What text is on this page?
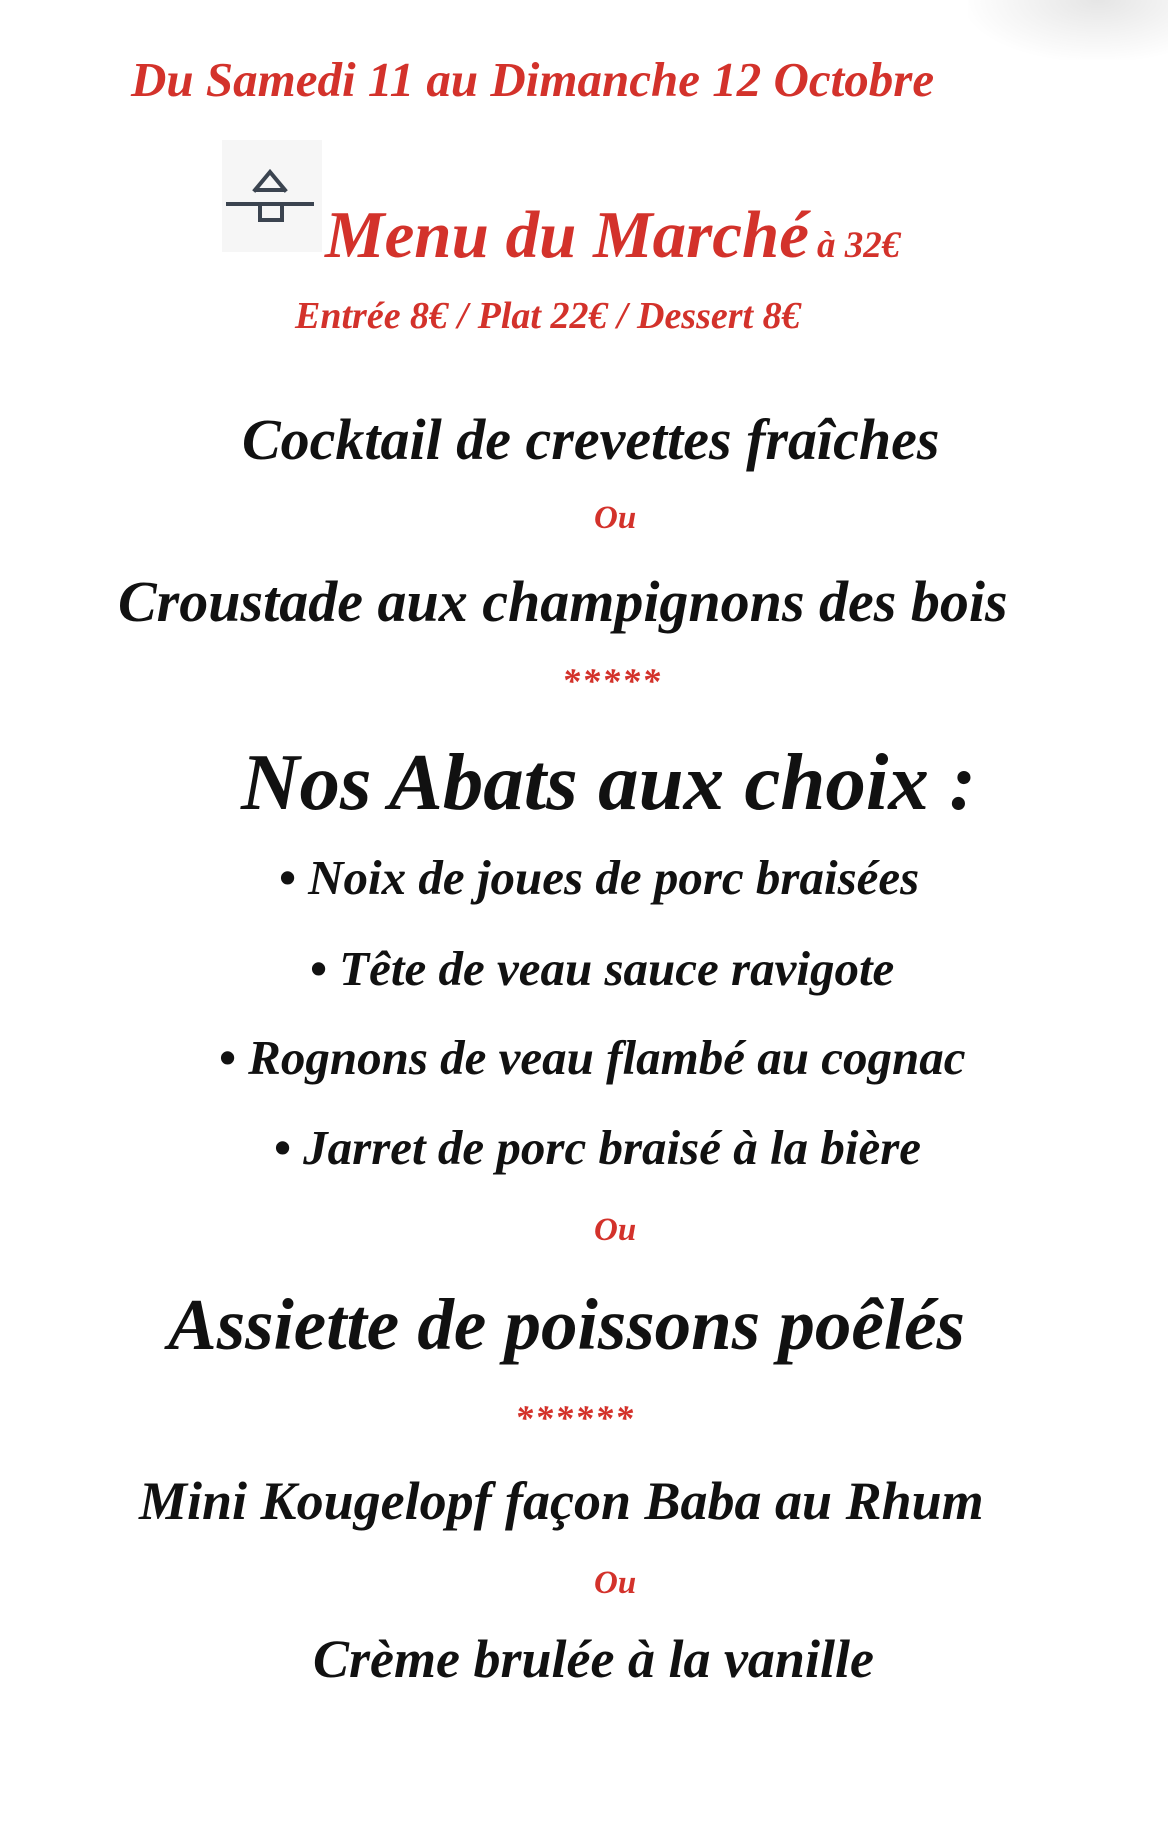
Du Samedi 11 au Dimanche 12 Octobre
Menu du Marché à 32€
Entrée 8€ / Plat 22€ / Dessert 8€
Cocktail de crevettes fraîches
Ou
Croustade aux champignons des bois
*****
Nos Abats aux choix :
• Noix de joues de porc braisées
• Tête de veau sauce ravigote
• Rognons de veau flambé au cognac
• Jarret de porc braisé à la bière
Ou
Assiette de poissons poêlés
******
Mini Kougelopf façon Baba au Rhum
Ou
Crème brulée à la vanille
